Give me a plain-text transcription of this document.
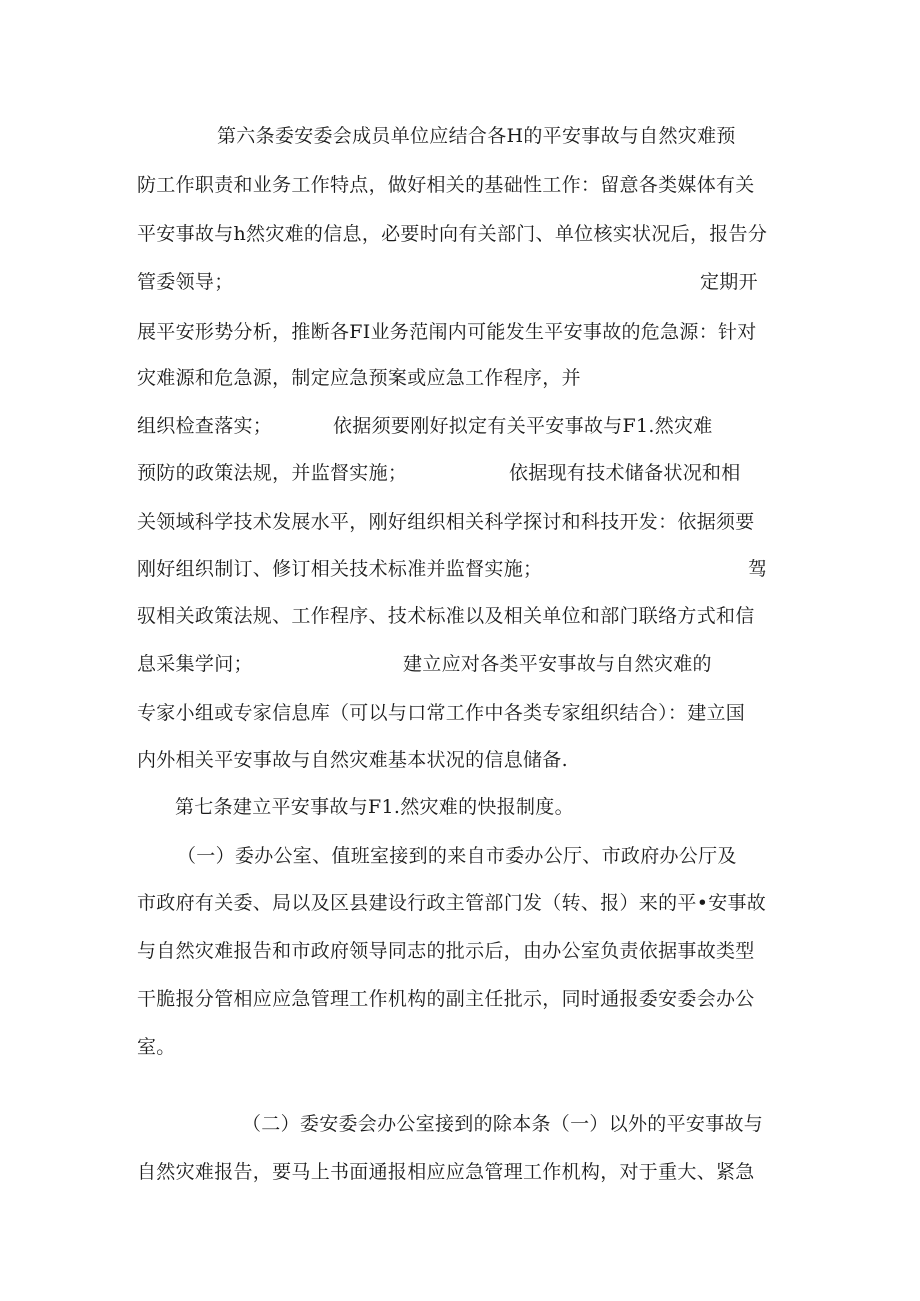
第六条委安委会成员单位应结合各H的平安事故与自然灾难预
防工作职责和业务工作特点，做好相关的基础性工作：留意各类媒体有关
平安事故与h然灾难的信息，必要时向有关部门、单位核实状况后，报告分

管委领导；

	定期开

展平安形势分析，推断各FI业务范闱内可能发生平安事故的危急源：针对
灾难源和危急源，制定应急预案或应急工作程序，并

组织检查落实；

	依据须要刚好拟定有关平安事故与F1.然灾难

预防的政策法规，并监督实施；

	依据现有技术储备状况和相

关领域科学技术发展水平，刚好组织相关科学探讨和科技开发：依据须要

刚好组织制订、修订相关技术标准并监督实施；

	驾

驭相关政策法规、工作程序、技术标准以及相关单位和部门联络方式和信

息采集学问；

	建立应对各类平安事故与自然灾难的

专家小组或专家信息库（可以与口常工作中各类专家组织结合）：建立国
内外相关平安事故与自然灾难基本状况的信息储备.
第七条建立平安事故与F1.然灾难的快报制度。
（一）委办公室、值班室接到的来自市委办公厅、市政府办公厅及
市政府有关委、局以及区县建设行政主管部门发（转、报）来的平•安事故
与自然灾难报告和市政府领导同志的批示后，由办公室负责依据事故类型
干脆报分管相应应急管理工作机构的副主任批示，同时通报委安委会办公
室。
（二）委安委会办公室接到的除本条（一）以外的平安事故与
自然灾难报告，要马上书面通报相应应急管理工作机构，对于重大、紧急
